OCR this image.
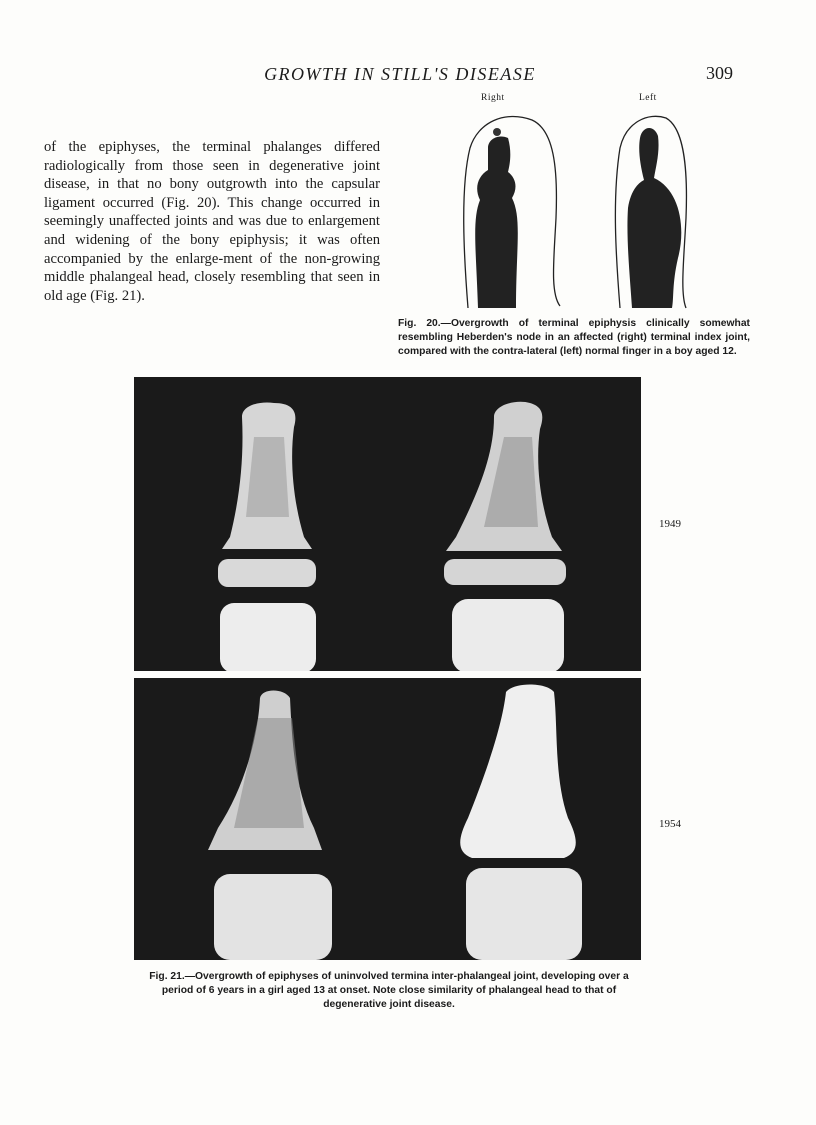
GROWTH IN STILL'S DISEASE	309
of the epiphyses, the terminal phalanges differed radiologically from those seen in degenerative joint disease, in that no bony outgrowth into the capsular ligament occurred (Fig. 20). This change occurred in seemingly unaffected joints and was due to enlargement and widening of the bony epiphysis; it was often accompanied by the enlarge-ment of the non-growing middle phalangeal head, closely resembling that seen in old age (Fig. 21).
Right	Left
Fig. 20.—Overgrowth of terminal epiphysis clinically somewhat resembling Heberden's node in an affected (right) terminal index joint, compared with the contra-lateral (left) normal finger in a boy aged 12.
1949
1954
Fig. 21.—Overgrowth of epiphyses of uninvolved termina inter-phalangeal joint, developing over a period of 6 years in a girl aged 13 at onset. Note close similarity of phalangeal head to that of degenerative joint disease.
